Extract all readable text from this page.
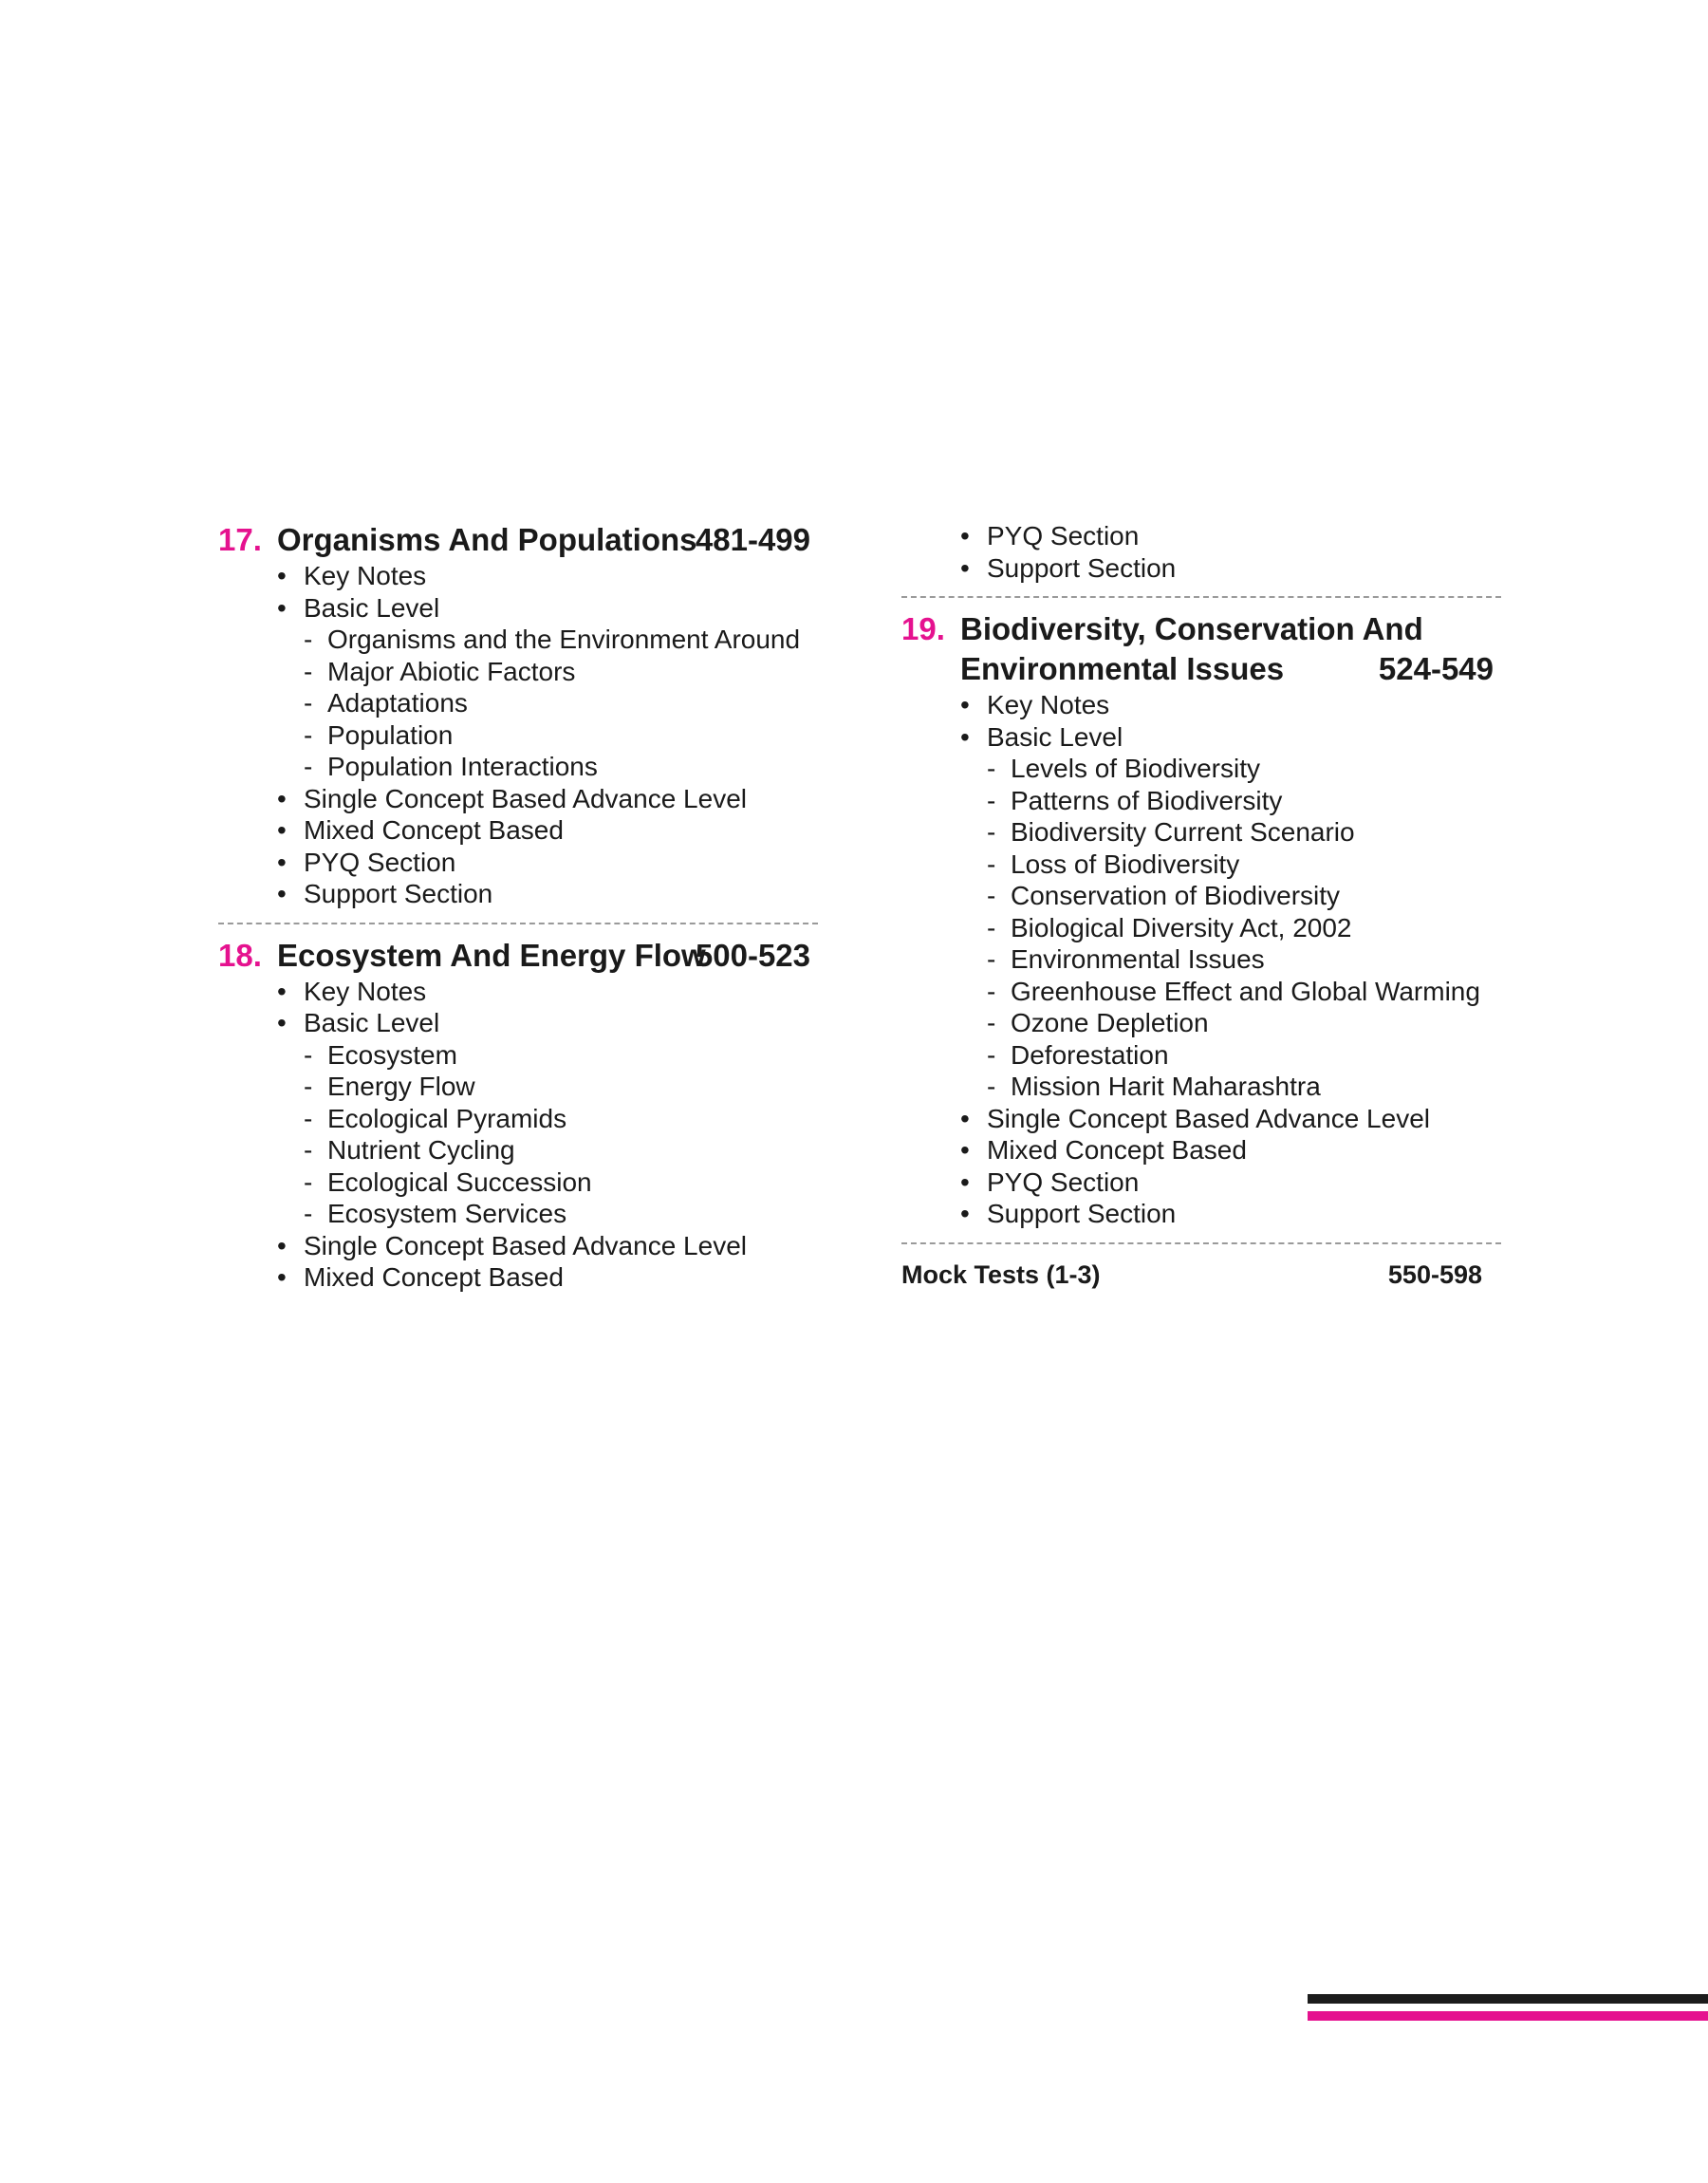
17. Organisms And Populations
481-499
• Key Notes
• Basic Level
- Organisms and the Environment Around
- Major Abiotic Factors
- Adaptations
- Population
- Population Interactions
• Single Concept Based Advance Level
• Mixed Concept Based
• PYQ Section
• Support Section
18. Ecosystem And Energy Flow
500-523
• Key Notes
• Basic Level
- Ecosystem
- Energy Flow
- Ecological Pyramids
- Nutrient Cycling
- Ecological Succession
- Ecosystem Services
• Single Concept Based Advance Level
• Mixed Concept Based
• PYQ Section
• Support Section
19. Biodiversity, Conservation And
Environmental Issues	524-549
• Key Notes
• Basic Level
- Levels of Biodiversity
- Patterns of Biodiversity
- Biodiversity Current Scenario
- Loss of Biodiversity
- Conservation of Biodiversity
- Biological Diversity Act, 2002
- Environmental Issues
- Greenhouse Effect and Global Warming
- Ozone Depletion
- Deforestation
- Mission Harit Maharashtra
• Single Concept Based Advance Level
• Mixed Concept Based
• PYQ Section
• Support Section
Mock Tests (1-3)	550-598
